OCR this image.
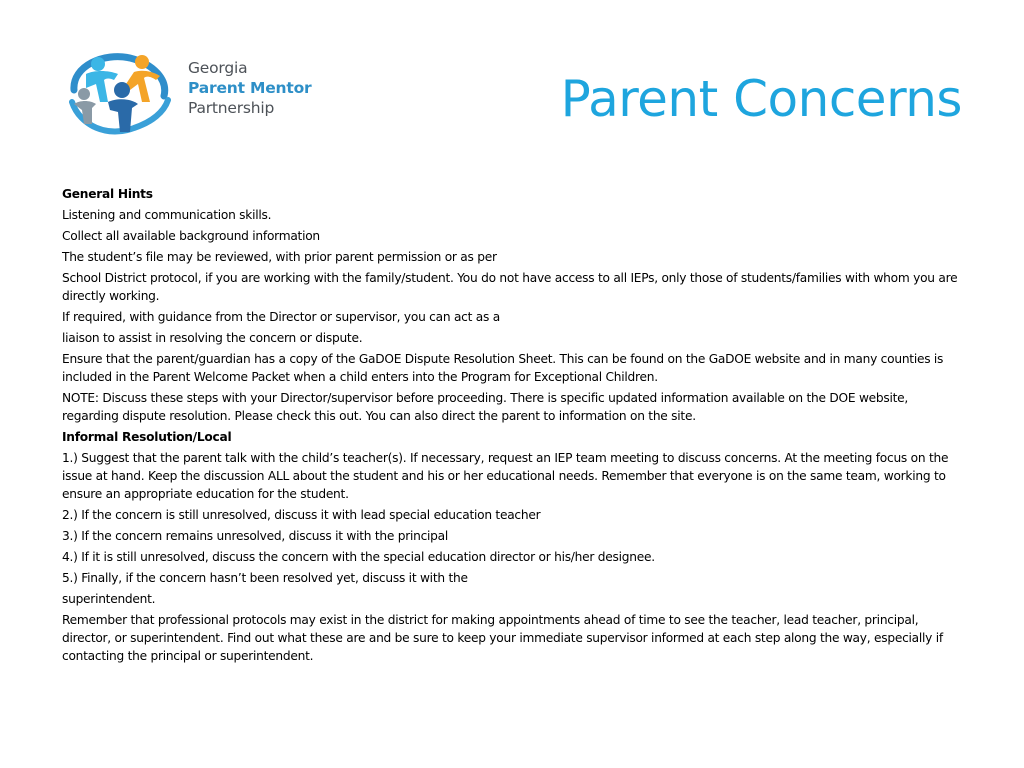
Georgia
Parent Mentor
Partnership	Parent Concerns

General Hints

Listening and communication skills.

Collect all available background information

The student’s file may be reviewed, with prior parent permission or as per

School District protocol, if you are working with the family/student. You do not have access to all IEPs, only those of students/families with whom you are directly working.

If required, with guidance from the Director or supervisor, you can act as a

liaison to assist in resolving the concern or dispute.

Ensure that the parent/guardian has a copy of the GaDOE Dispute Resolution Sheet. This can be found on the GaDOE website and in many counties is included in the Parent Welcome Packet when a child enters into the Program for Exceptional Children.

NOTE: Discuss these steps with your Director/supervisor before proceeding. There is specific updated information available on the DOE website, regarding dispute resolution. Please check this out. You can also direct the parent to information on the site.

Informal Resolution/Local

1.) Suggest that the parent talk with the child’s teacher(s). If necessary, request an IEP team meeting to discuss concerns. At the meeting focus on the issue at hand. Keep the discussion ALL about the student and his or her educational needs. Remember that everyone is on the same team, working to ensure an appropriate education for the student.

2.) If the concern is still unresolved, discuss it with lead special education teacher

3.) If the concern remains unresolved, discuss it with the principal

4.) If it is still unresolved, discuss the concern with the special education director or his/her designee.

5.) Finally, if the concern hasn’t been resolved yet, discuss it with the

superintendent.

Remember that professional protocols may exist in the district for making appointments ahead of time to see the teacher, lead teacher, principal, director, or superintendent. Find out what these are and be sure to keep your immediate supervisor informed at each step along the way, especially if contacting the principal or superintendent.
